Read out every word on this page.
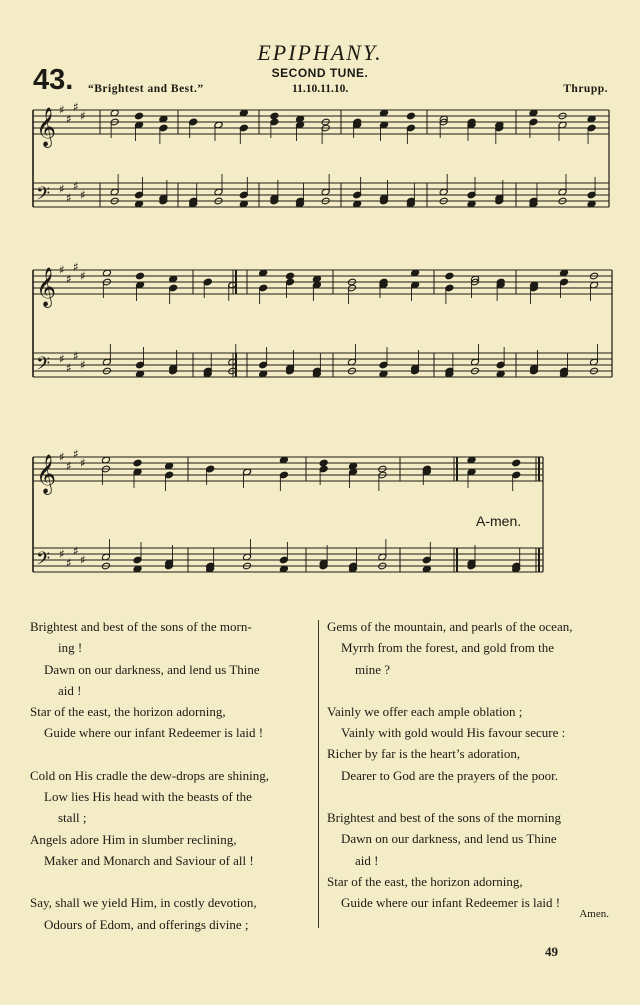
EPIPHANY.
43.	SECOND TUNE.
“Brightest and Best.”	11.10.11.10.	Thrupp.
𝄞 ♯
♯
♯
♯
𝄢 ♯
♯
♯
♯
𝄞 ♯
♯
♯
♯
𝄢 ♯
♯
♯
♯
𝄞 ♯
♯
♯
♯
𝄢 ♯
♯
♯
♯
A-men.
Brightest and best of the sons of the morn-
ing !
Dawn on our darkness, and lend us Thine
aid !
Star of the east, the horizon adorning,
Guide where our infant Redeemer is laid !
Cold on His cradle the dew-drops are shining,
Low lies His head with the beasts of the
stall ;
Angels adore Him in slumber reclining,
Maker and Monarch and Saviour of all !
Say, shall we yield Him, in costly devotion,
Odours of Edom, and offerings divine ;
Gems of the mountain, and pearls of the ocean,
Myrrh from the forest, and gold from the
mine ?
Vainly we offer each ample oblation ;
Vainly with gold would His favour secure :
Richer by far is the heart’s adoration,
Dearer to God are the prayers of the poor.
Brightest and best of the sons of the morning
Dawn on our darkness, and lend us Thine
aid !
Star of the east, the horizon adorning,
Guide where our infant Redeemer is laid !
Amen.
49
